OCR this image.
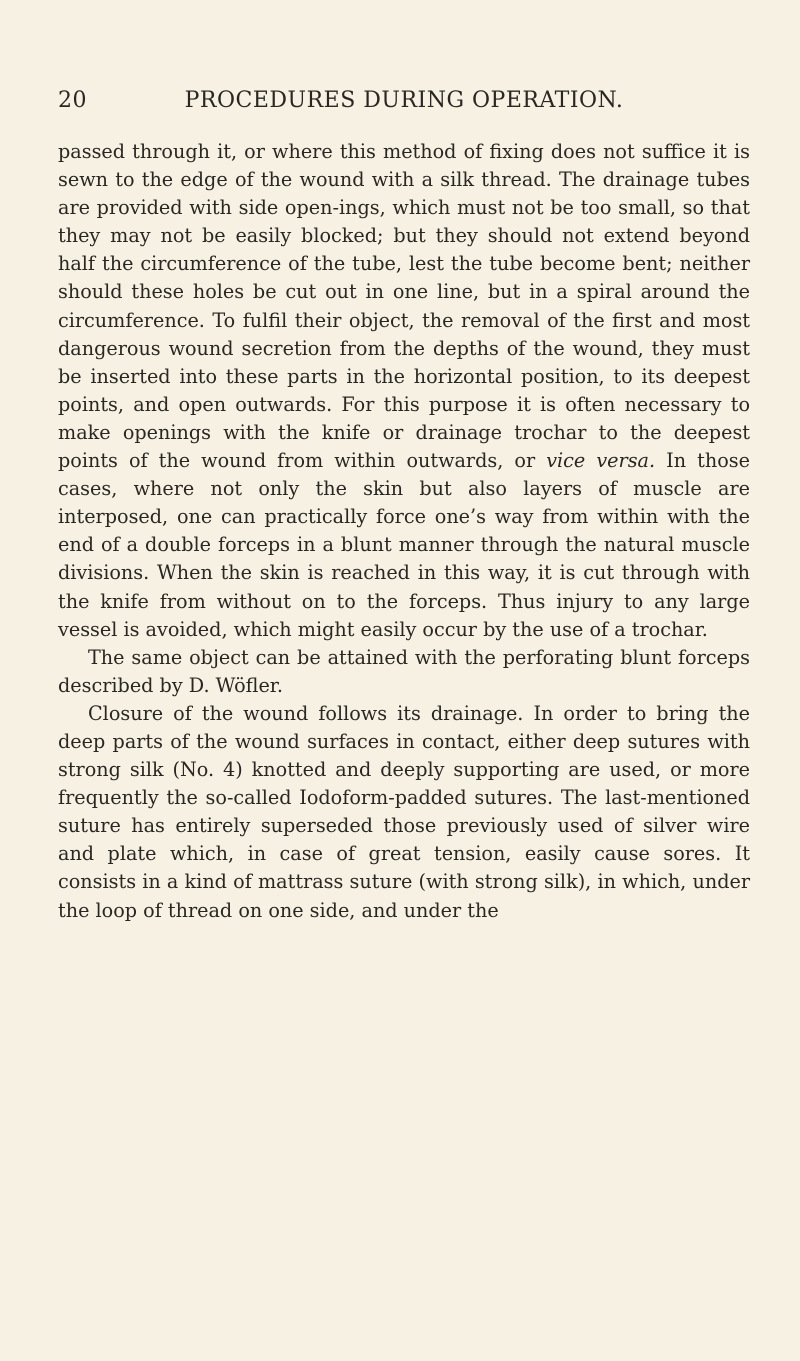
20	PROCEDURES DURING OPERATION.

passed through it, or where this method of fixing does not suffice it is sewn to the edge of the wound with a silk thread. The drainage tubes are provided with side open-ings, which must not be too small, so that they may not be easily blocked; but they should not extend beyond half the circumference of the tube, lest the tube become bent; neither should these holes be cut out in one line, but in a spiral around the circumference. To fulfil their object, the removal of the first and most dangerous wound secretion from the depths of the wound, they must be inserted into these parts in the horizontal position, to its deepest points, and open outwards. For this purpose it is often necessary to make openings with the knife or drainage trochar to the deepest points of the wound from within outwards, or vice versa. In those cases, where not only the skin but also layers of muscle are interposed, one can practically force one’s way from within with the end of a double forceps in a blunt manner through the natural muscle divisions. When the skin is reached in this way, it is cut through with the knife from without on to the forceps. Thus injury to any large vessel is avoided, which might easily occur by the use of a trochar.

The same object can be attained with the perforating blunt forceps described by D. Wöfler.

Closure of the wound follows its drainage. In order to bring the deep parts of the wound surfaces in contact, either deep sutures with strong silk (No. 4) knotted and deeply supporting are used, or more frequently the so-called Iodoform-padded sutures. The last-mentioned suture has entirely superseded those previously used of silver wire and plate which, in case of great tension, easily cause sores. It consists in a kind of mattrass suture (with strong silk), in which, under the loop of thread on one side, and under the
